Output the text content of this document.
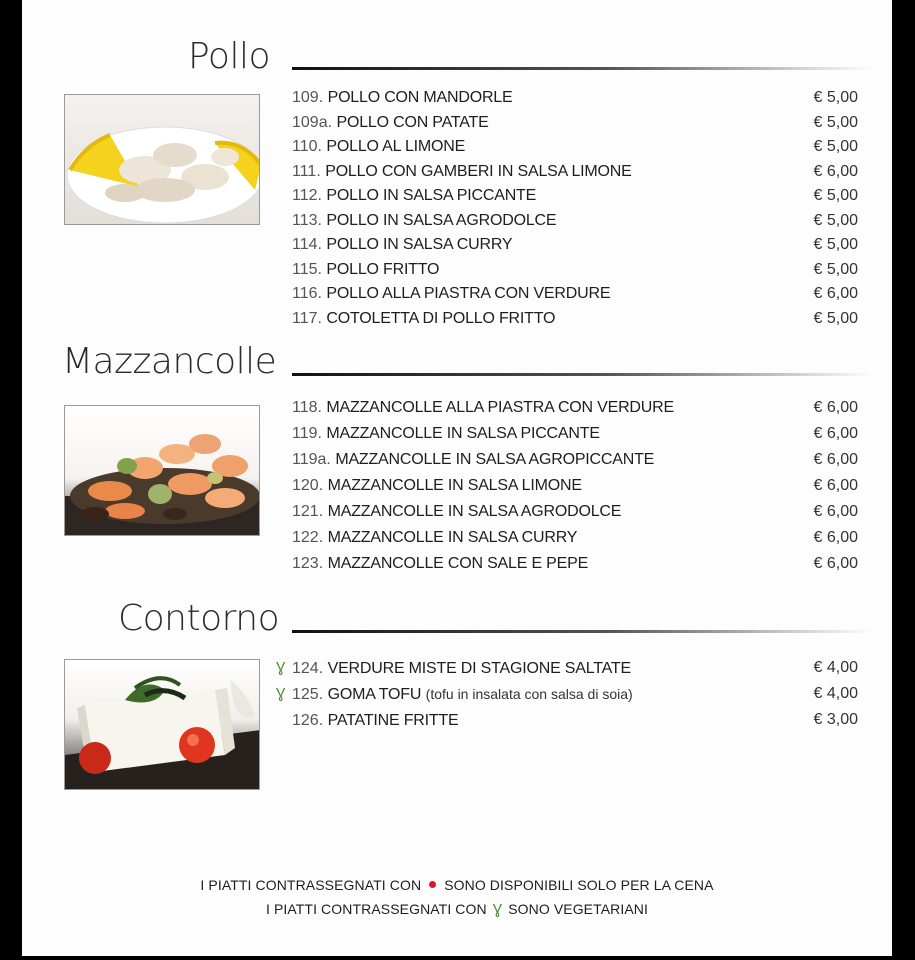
Pollo
109. POLLO CON MANDORLE	€ 5,00
109a. POLLO CON PATATE	€ 5,00
110. POLLO AL LIMONE	€ 5,00
111. POLLO CON GAMBERI IN SALSA LIMONE	€ 6,00
112. POLLO IN SALSA PICCANTE	€ 5,00
113. POLLO IN SALSA AGRODOLCE	€ 5,00
114. POLLO IN SALSA CURRY	€ 5,00
115. POLLO FRITTO	€ 5,00
116. POLLO ALLA PIASTRA CON VERDURE	€ 6,00
117. COTOLETTA DI POLLO FRITTO	€ 5,00
Mazzancolle
118. MAZZANCOLLE ALLA PIASTRA CON VERDURE	€ 6,00
119. MAZZANCOLLE IN SALSA PICCANTE	€ 6,00
119a. MAZZANCOLLE IN SALSA AGROPICCANTE	€ 6,00
120. MAZZANCOLLE IN SALSA LIMONE	€ 6,00
121. MAZZANCOLLE IN SALSA AGRODOLCE	€ 6,00
122. MAZZANCOLLE IN SALSA CURRY	€ 6,00
123. MAZZANCOLLE CON SALE E PEPE	€ 6,00
Contorno
Ɣ 124. VERDURE MISTE DI STAGIONE SALTATE	€ 4,00
Ɣ 125. GOMA TOFU (tofu in insalata con salsa di soia)	€ 4,00
126. PATATINE FRITTE	€ 3,00
I PIATTI CONTRASSEGNATI CON SONO DISPONIBILI SOLO PER LA CENA
I PIATTI CONTRASSEGNATI CON Ɣ SONO VEGETARIANI
